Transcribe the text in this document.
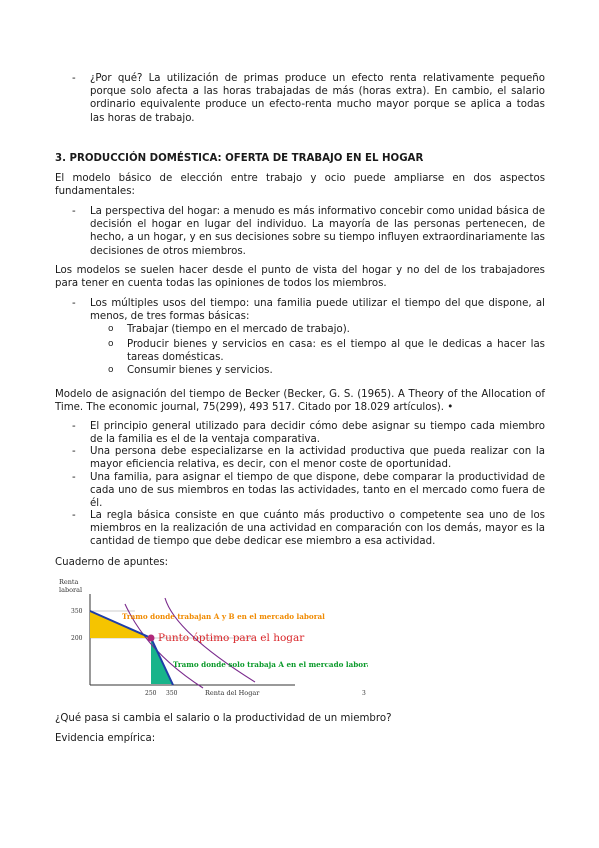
- ¿Por qué? La utilización de primas produce un efecto renta relativamente pequeño porque solo afecta a las horas trabajadas de más (horas extra). En cambio, el salario ordinario equivalente produce un efecto-renta mucho mayor porque se aplica a todas las horas de trabajo.

3. PRODUCCIÓN DOMÉSTICA: OFERTA DE TRABAJO EN EL HOGAR

El modelo básico de elección entre trabajo y ocio puede ampliarse en dos aspectos fundamentales:

- La perspectiva del hogar: a menudo es más informativo concebir como unidad básica de decisión el hogar en lugar del individuo. La mayoría de las personas pertenecen, de hecho, a un hogar, y en sus decisiones sobre su tiempo influyen extraordinariamente las decisiones de otros miembros.

Los modelos se suelen hacer desde el punto de vista del hogar y no del de los trabajadores para tener en cuenta todas las opiniones de todos los miembros.

- Los múltiples usos del tiempo: una familia puede utilizar el tiempo del que dispone, al menos, de tres formas básicas:

o	Trabajar (tiempo en el mercado de trabajo).

o	Producir bienes y servicios en casa: es el tiempo al que le dedicas a hacer las tareas domésticas.

o	Consumir bienes y servicios.

Modelo de asignación del tiempo de Becker (Becker, G. S. (1965). A Theory of the Allocation of Time. The economic journal, 75(299), 493 517. Citado por 18.029 artículos). •

- El principio general utilizado para decidir cómo debe asignar su tiempo cada miembro de la familia es el de la ventaja comparativa.

- Una persona debe especializarse en la actividad productiva que pueda realizar con la mayor eficiencia relativa, es decir, con el menor coste de oportunidad.

- Una familia, para asignar el tiempo de que dispone, debe comparar la productividad de cada uno de sus miembros en todas las actividades, tanto en el mercado como fuera de él.

- La regla básica consiste en que cuánto más productivo o competente sea uno de los miembros en la realización de una actividad en comparación con los demás, mayor es la cantidad de tiempo que debe dedicar ese miembro a esa actividad.

Cuaderno de apuntes:

Renta
laboral
350
200
250 350	Renta del Hogar	3
Tramo donde trabajan A y B en el mercado laboral
Punto óptimo para el hogar
Tramo donde solo trabaja A en el mercado laboral

¿Qué pasa si cambia el salario o la productividad de un miembro?

Evidencia empírica:
